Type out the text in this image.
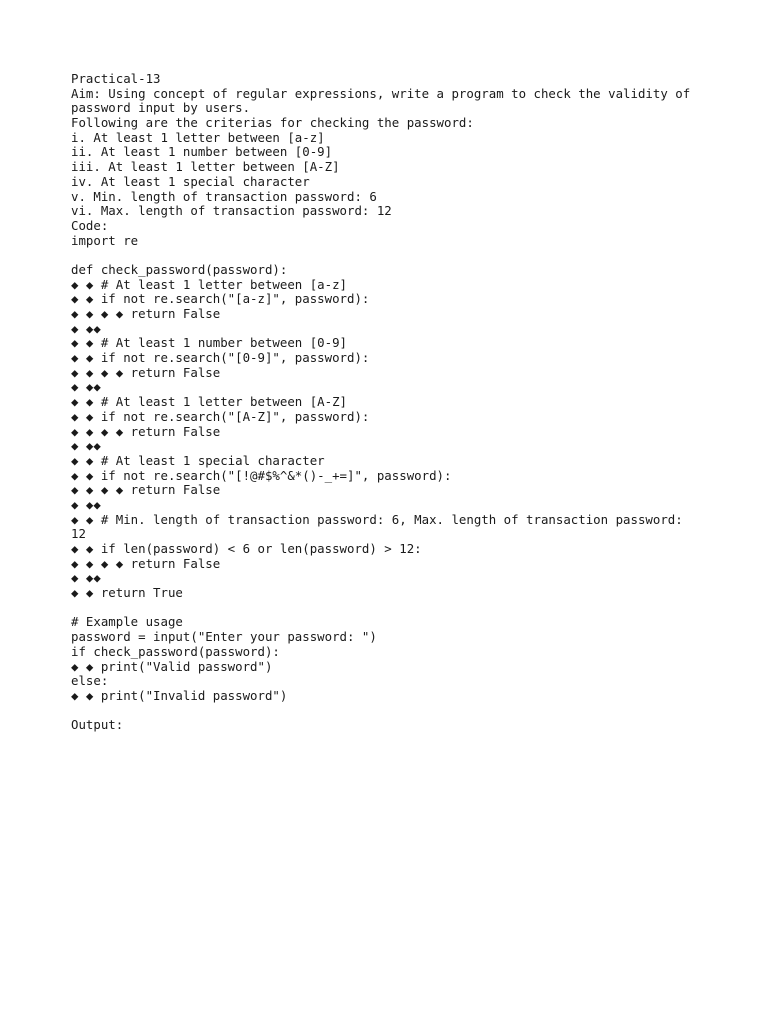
Practical-13
Aim: Using concept of regular expressions, write a program to check the validity of
password input by users.
Following are the criterias for checking the password:
i. At least 1 letter between [a-z]
ii. At least 1 number between [0-9]
iii. At least 1 letter between [A-Z]
iv. At least 1 special character
v. Min. length of transaction password: 6
vi. Max. length of transaction password: 12
Code:
import re
def check_password(password):
◆ ◆ # At least 1 letter between [a-z]
◆ ◆ if not re.search("[a-z]", password):
◆ ◆ ◆ ◆ return False
◆ ◆◆
◆ ◆ # At least 1 number between [0-9]
◆ ◆ if not re.search("[0-9]", password):
◆ ◆ ◆ ◆ return False
◆ ◆◆
◆ ◆ # At least 1 letter between [A-Z]
◆ ◆ if not re.search("[A-Z]", password):
◆ ◆ ◆ ◆ return False
◆ ◆◆
◆ ◆ # At least 1 special character
◆ ◆ if not re.search("[!@#$%^&*()-_+=]", password):
◆ ◆ ◆ ◆ return False
◆ ◆◆
◆ ◆ # Min. length of transaction password: 6, Max. length of transaction password:
12
◆ ◆ if len(password) < 6 or len(password) > 12:
◆ ◆ ◆ ◆ return False
◆ ◆◆
◆ ◆ return True
# Example usage
password = input("Enter your password: ")
if check_password(password):
◆ ◆ print("Valid password")
else:
◆ ◆ print("Invalid password")
Output:
